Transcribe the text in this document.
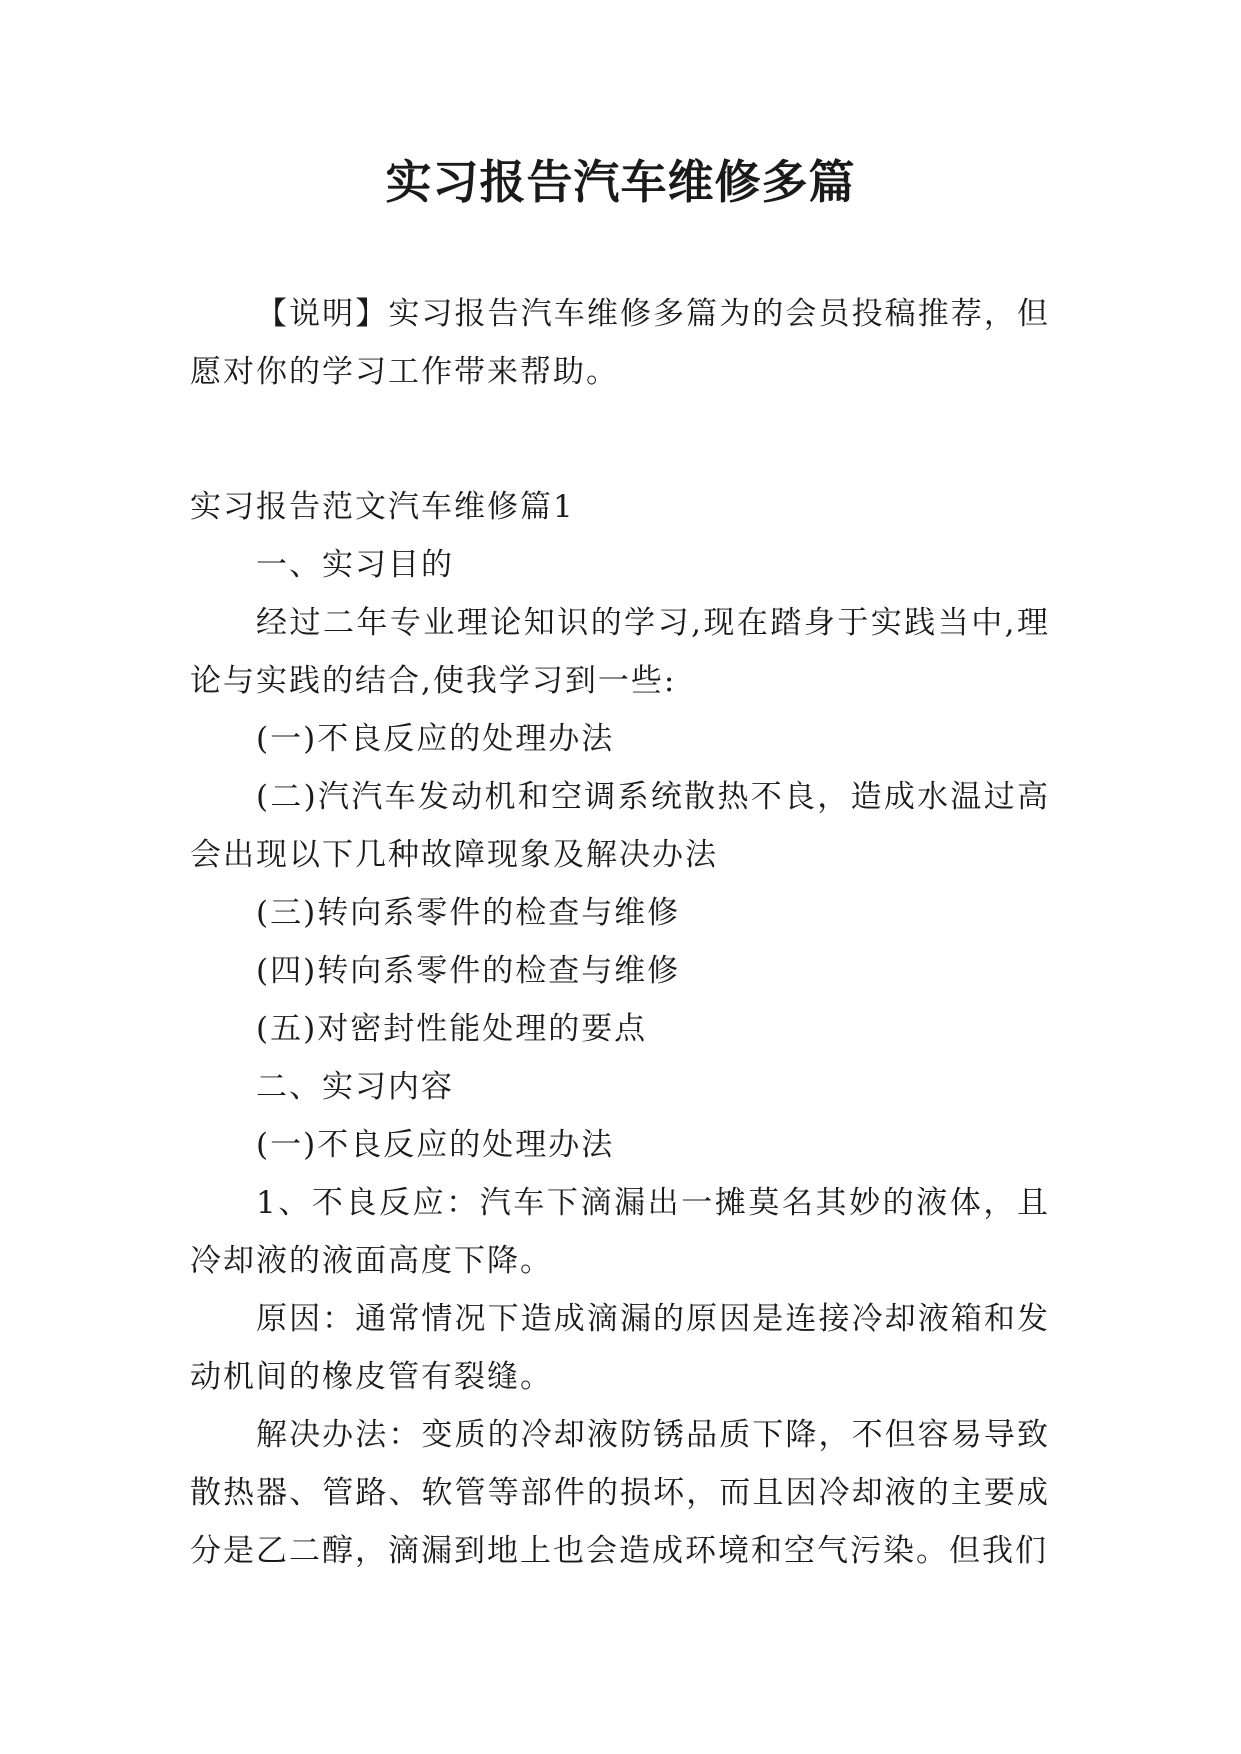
实习报告汽车维修多篇

【说明】实习报告汽车维修多篇为的会员投稿推荐，但愿对你的学习工作带来帮助。

实习报告范文汽车维修篇1

一、实习目的

经过二年专业理论知识的学习,现在踏身于实践当中,理论与实践的结合,使我学习到一些:

(一)不良反应的处理办法

(二)汽汽车发动机和空调系统散热不良，造成水温过高会出现以下几种故障现象及解决办法

(三)转向系零件的检查与维修

(四)转向系零件的检查与维修

(五)对密封性能处理的要点

二、实习内容

(一)不良反应的处理办法

1、不良反应：汽车下滴漏出一摊莫名其妙的液体，且冷却液的液面高度下降。

原因：通常情况下造成滴漏的原因是连接冷却液箱和发动机间的橡皮管有裂缝。

解决办法：变质的冷却液防锈品质下降，不但容易导致散热器、管路、软管等部件的损坏，而且因冷却液的主要成分是乙二醇，滴漏到地上也会造成环境和空气污染。但我们
